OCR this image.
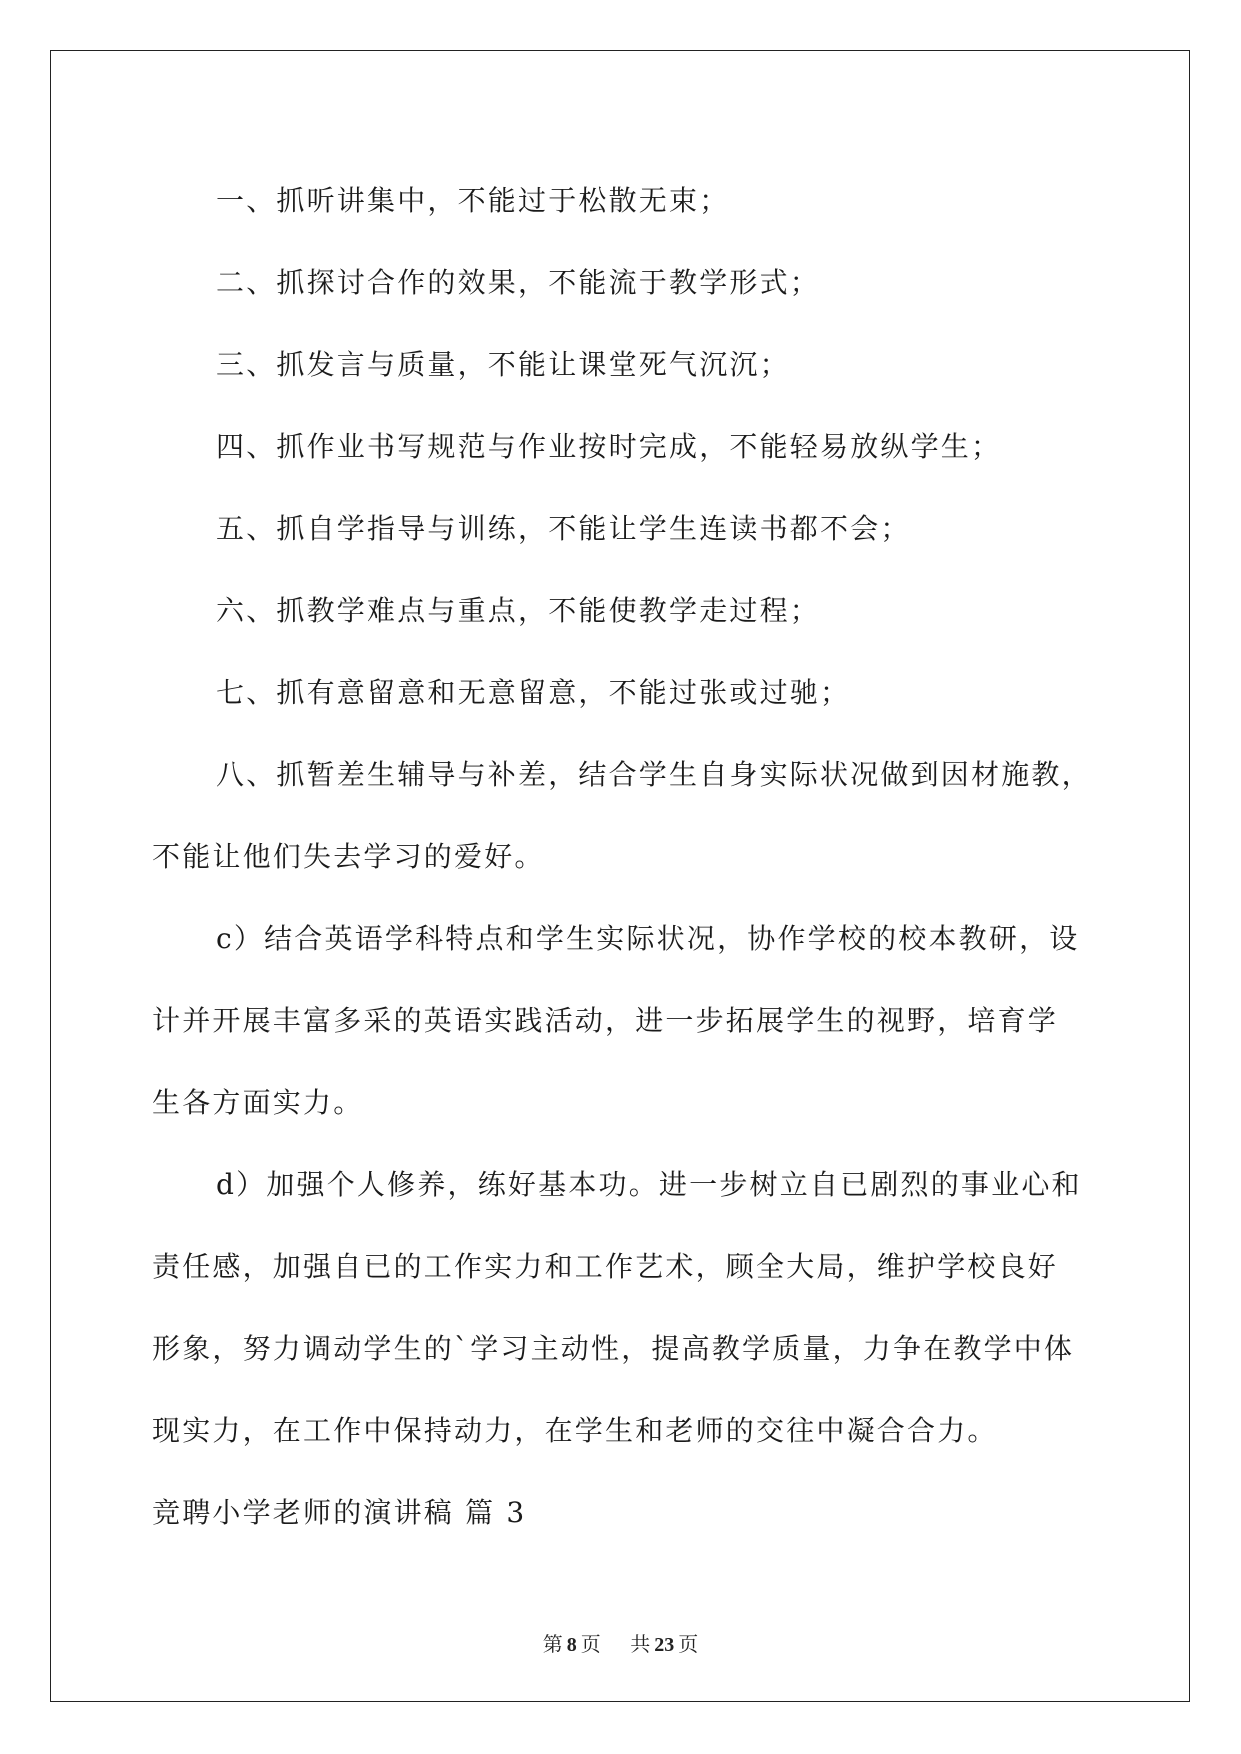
一、抓听讲集中，不能过于松散无束；
二、抓探讨合作的效果，不能流于教学形式；
三、抓发言与质量，不能让课堂死气沉沉；
四、抓作业书写规范与作业按时完成，不能轻易放纵学生；
五、抓自学指导与训练，不能让学生连读书都不会；
六、抓教学难点与重点，不能使教学走过程；
七、抓有意留意和无意留意，不能过张或过驰；
八、抓暂差生辅导与补差，结合学生自身实际状况做到因材施教，
不能让他们失去学习的爱好。
c）结合英语学科特点和学生实际状况，协作学校的校本教研，设
计并开展丰富多采的英语实践活动，进一步拓展学生的视野，培育学
生各方面实力。
d）加强个人修养，练好基本功。进一步树立自已剧烈的事业心和
责任感，加强自已的工作实力和工作艺术，顾全大局，维护学校良好
形象，努力调动学生的`学习主动性，提高教学质量，力争在教学中体
现实力，在工作中保持动力，在学生和老师的交往中凝合合力。
竞聘小学老师的演讲稿 篇 3
第 8 页 共 23 页
